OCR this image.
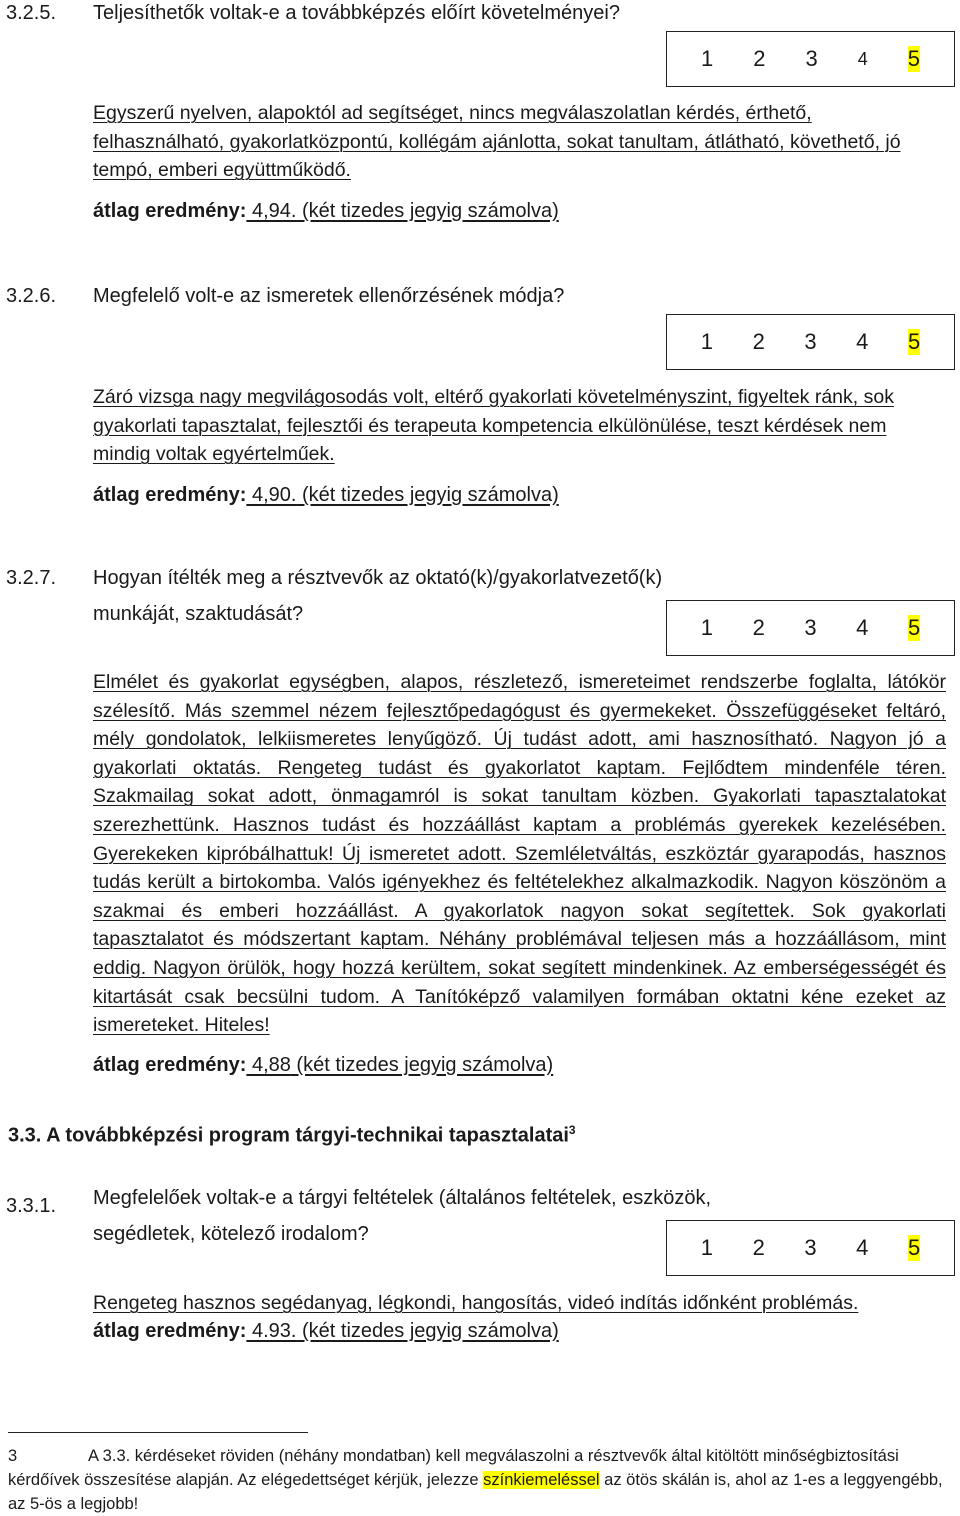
3.2.5. Teljesíthetők voltak-e a továbbképzés előírt követelményei?
1 2 3 4 5
Egyszerű nyelven, alapoktól ad segítséget, nincs megválaszolatlan kérdés, érthető, felhasználható, gyakorlatközpontú, kollégám ajánlotta, sokat tanultam, átlátható, követhető, jó tempó, emberi együttműködő.
átlag eredmény: 4,94. (két tizedes jegyig számolva)
3.2.6. Megfelelő volt-e az ismeretek ellenőrzésének módja?
1 2 3 4 5
Záró vizsga nagy megvilágosodás volt, eltérő gyakorlati követelményszint, figyeltek ránk, sok gyakorlati tapasztalat, fejlesztői és terapeuta kompetencia elkülönülése, teszt kérdések nem mindig voltak egyértelműek.
átlag eredmény: 4,90. (két tizedes jegyig számolva)
3.2.7. Hogyan ítélték meg a résztvevők az oktató(k)/gyakorlatvezető(k)
munkáját, szaktudását?
1 2 3 4 5
Elmélet és gyakorlat egységben, alapos, részletező, ismereteimet rendszerbe foglalta, látókör szélesítő. Más szemmel nézem fejlesztőpedagógust és gyermekeket. Összefüggéseket feltáró, mély gondolatok, lelkiismeretes lenyűgöző. Új tudást adott, ami hasznosítható. Nagyon jó a gyakorlati oktatás. Rengeteg tudást és gyakorlatot kaptam. Fejlődtem mindenféle téren. Szakmailag sokat adott, önmagamról is sokat tanultam közben. Gyakorlati tapasztalatokat szerezhettünk. Hasznos tudást és hozzáállást kaptam a problémás gyerekek kezelésében. Gyerekeken kipróbálhattuk! Új ismeretet adott. Szemléletváltás, eszköztár gyarapodás, hasznos tudás került a birtokomba. Valós igényekhez és feltételekhez alkalmazkodik. Nagyon köszönöm a szakmai és emberi hozzáállást. A gyakorlatok nagyon sokat segítettek. Sok gyakorlati tapasztalatot és módszertant kaptam. Néhány problémával teljesen más a hozzáállásom, mint eddig. Nagyon örülök, hogy hozzá kerültem, sokat segített mindenkinek. Az emberségességét és kitartását csak becsülni tudom. A Tanítóképző valamilyen formában oktatni kéne ezeket az ismereteket. Hiteles!
átlag eredmény: 4,88 (két tizedes jegyig számolva)
3.3. A továbbképzési program tárgyi-technikai tapasztalatai$^3$
3.3.1. Megfelelőek voltak-e a tárgyi feltételek (általános feltételek, eszközök,
segédletek, kötelező irodalom?
1 2 3 4 5
Rengeteg hasznos segédanyag, légkondi, hangosítás, videó indítás időnként problémás.
átlag eredmény: 4.93. (két tizedes jegyig számolva)
3	A 3.3. kérdéseket röviden (néhány mondatban) kell megválaszolni a résztvevők által kitöltött minőségbiztosítási kérdőívek összesítése alapján. Az elégedettséget kérjük, jelezze színkiemeléssel az ötös skálán is, ahol az 1-es a leggyengébb, az 5-ös a legjobb!
